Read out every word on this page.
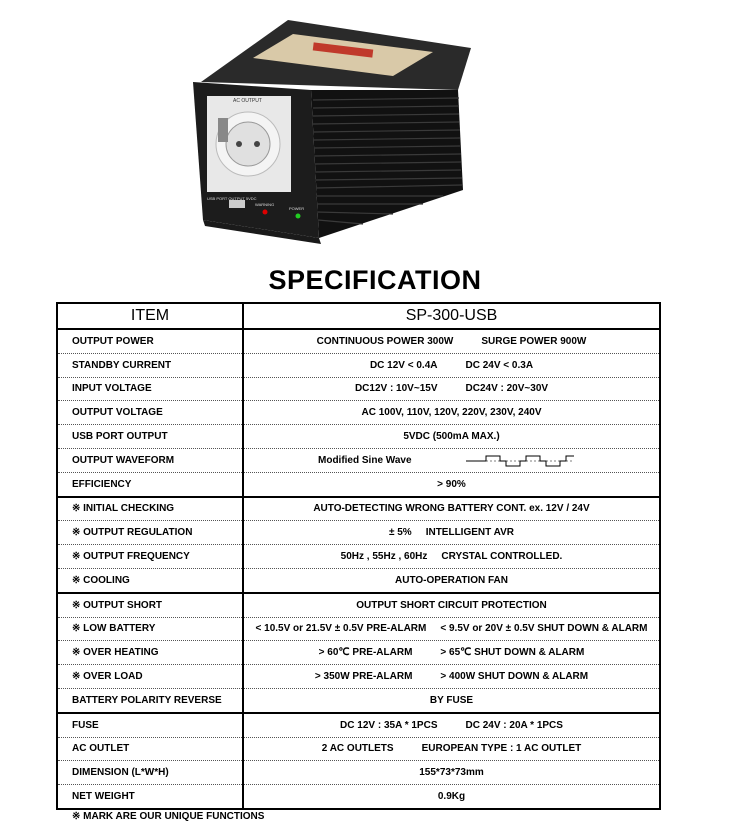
AC OUTPUT
USB PORT OUTPUT 5VDC
WARNING
POWER
SPECIFICATION
ITEM	SP-300-USB
OUTPUT POWER	CONTINUOUS POWER 300W SURGE POWER 900W
STANDBY CURRENT	DC 12V < 0.4A DC 24V < 0.3A
INPUT VOLTAGE	DC12V : 10V~15V DC24V : 20V~30V
OUTPUT VOLTAGE	AC 100V, 110V, 120V, 220V, 230V, 240V
USB PORT OUTPUT	5VDC (500mA MAX.)
OUTPUT WAVEFORM	Modified Sine Wave

EFFICIENCY	> 90%
※ INITIAL CHECKING	AUTO-DETECTING WRONG BATTERY CONT. ex. 12V / 24V
※ OUTPUT REGULATION	± 5% INTELLIGENT AVR
※ OUTPUT FREQUENCY	50Hz , 55Hz , 60Hz CRYSTAL CONTROLLED.
※ COOLING	AUTO-OPERATION FAN
※ OUTPUT SHORT	OUTPUT SHORT CIRCUIT PROTECTION
※ LOW BATTERY	< 10.5V or 21.5V ± 0.5V PRE-ALARM < 9.5V or 20V ± 0.5V SHUT DOWN & ALARM
※ OVER HEATING	> 60℃ PRE-ALARM > 65℃ SHUT DOWN & ALARM
※ OVER LOAD	> 350W PRE-ALARM > 400W SHUT DOWN & ALARM
BATTERY POLARITY REVERSE	BY FUSE
FUSE	DC 12V : 35A * 1PCS DC 24V : 20A * 1PCS
AC OUTLET	2 AC OUTLETS EUROPEAN TYPE : 1 AC OUTLET
DIMENSION (L*W*H)	155*73*73mm
NET WEIGHT	0.9Kg
※ MARK ARE OUR UNIQUE FUNCTIONS
